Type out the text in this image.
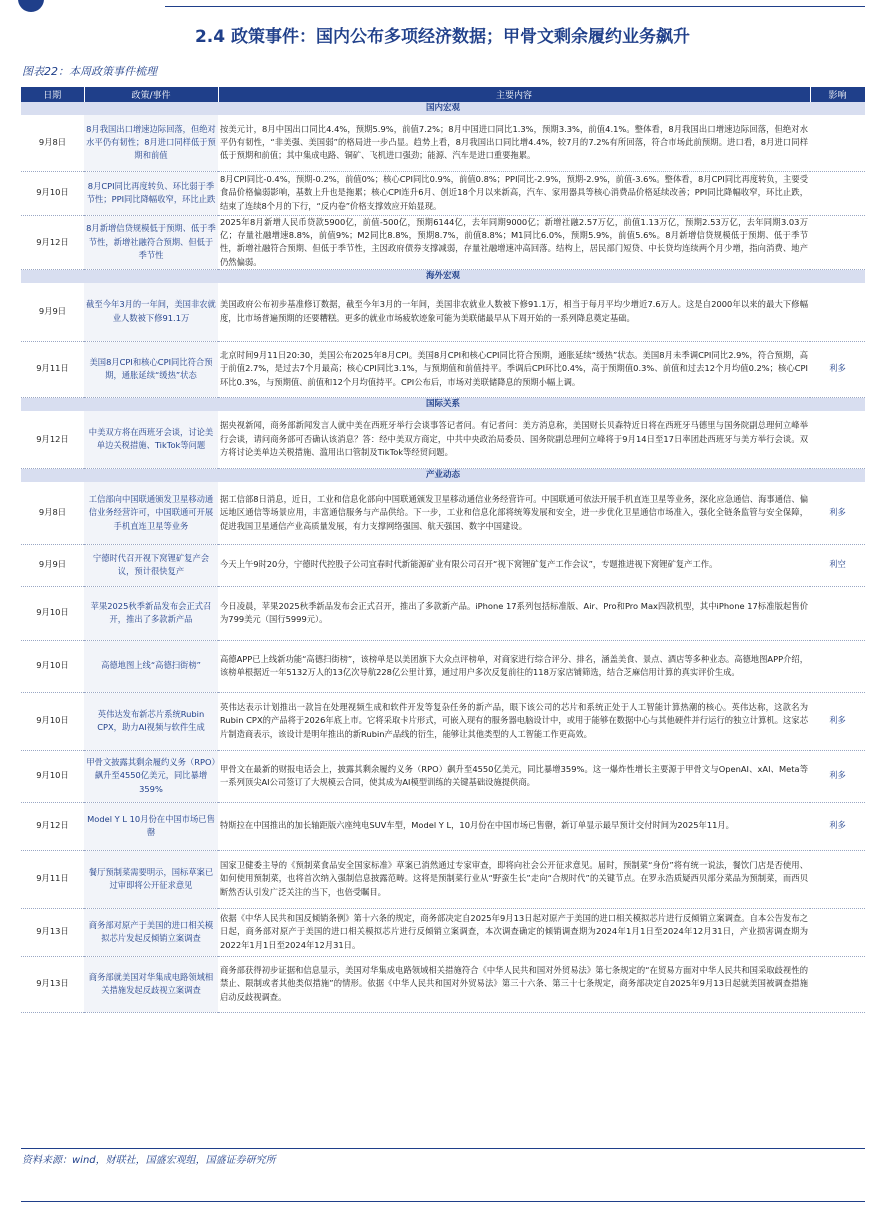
2.4 政策事件：国内公布多项经济数据；甲骨文剩余履约业务飙升
图表22：本周政策事件梳理
日期	政策/事件	主要内容	影响
国内宏观			
9月8日	8月我国出口增速边际回落，但绝对水平仍有韧性；8月进口同样低于预期和前值	按美元计，8月中国出口同比4.4%，预期5.9%，前值7.2%；8月中国进口同比1.3%，预期3.3%，前值4.1%。整体看，8月我国出口增速边际回落，但绝对水平仍有韧性，“非美强、美国弱”的格局进一步凸显。趋势上看，8月我国出口同比增4.4%，较7月的7.2%有所回落，符合市场此前预期。进口看，8月进口同样低于预期和前值；其中集成电路、铜矿、飞机进口强劲；能源、汽车是进口重要拖累。	
9月10日	8月CPI同比再度转负、环比弱于季节性；PPI同比降幅收窄，环比止跌	8月CPI同比-0.4%，预期-0.2%，前值0%；核心CPI同比0.9%，前值0.8%；PPI同比-2.9%，预期-2.9%，前值-3.6%。整体看，8月CPI同比再度转负，主要受食品价格偏弱影响，基数上升也是拖累；核心CPI连升6月、创近18个月以来新高，汽车、家用器具等核心消费品价格延续改善；PPI同比降幅收窄，环比止跌，结束了连续8个月的下行，“反内卷”价格支撑效应开始显现。	
9月12日	8月新增信贷规模低于预期、低于季节性，新增社融符合预期、但低于季节性	2025年8月新增人民币贷款5900亿，前值-500亿，预期6144亿，去年同期9000亿；新增社融2.57万亿，前值1.13万亿，预期2.53万亿，去年同期3.03万亿；存量社融增速8.8%，前值9%；M2同比8.8%，预期8.7%，前值8.8%；M1同比6.0%，预期5.9%，前值5.6%。8月新增信贷规模低于预期、低于季节性，新增社融符合预期、但低于季节性，主因政府债券支撑减弱，存量社融增速冲高回落。结构上，居民部门短贷、中长贷均连续两个月少增，指向消费、地产仍然偏弱。	
海外宏观			
9月9日	截至今年3月的一年间，美国非农就业人数被下修91.1万	美国政府公布初步基准修订数据，截至今年3月的一年间，美国非农就业人数被下修91.1万，相当于每月平均少增近7.6万人。这是自2000年以来的最大下修幅度，比市场普遍预期的还要糟糕。更多的就业市场疲软迹象可能为美联储最早从下周开始的一系列降息奠定基础。	
9月11日	美国8月CPI和核心CPI同比符合预期，通胀延续“缓热”状态	北京时间9月11日20:30，美国公布2025年8月CPI。美国8月CPI和核心CPI同比符合预期，通胀延续“缓热”状态。美国8月未季调CPI同比2.9%，符合预期，高于前值2.7%，是过去7个月最高；核心CPI同比3.1%，与预期值和前值持平。季调后CPI环比0.4%，高于预期值0.3%、前值和过去12个月均值0.2%；核心CPI环比0.3%，与预期值、前值和12个月均值持平。CPI公布后，市场对美联储降息的预期小幅上调。	利多
国际关系			
9月12日	中美双方将在西班牙会谈，讨论美单边关税措施、TikTok等问题	据央视新闻，商务部新闻发言人就中美在西班牙举行会谈事答记者问。有记者问：美方消息称，美国财长贝森特近日将在西班牙马德里与国务院副总理何立峰举行会谈，请问商务部可否确认该消息？答：经中美双方商定，中共中央政治局委员、国务院副总理何立峰将于9月14日至17日率团赴西班牙与美方举行会谈。双方将讨论美单边关税措施、滥用出口管制及TikTok等经贸问题。	
产业动态			
9月8日	工信部向中国联通颁发卫星移动通信业务经营许可，中国联通可开展手机直连卫星等业务	据工信部8日消息，近日，工业和信息化部向中国联通颁发卫星移动通信业务经营许可。中国联通可依法开展手机直连卫星等业务，深化应急通信、海事通信、偏远地区通信等场景应用，丰富通信服务与产品供给。下一步，工业和信息化部将统筹发展和安全，进一步优化卫星通信市场准入，强化全链条监管与安全保障，促进我国卫星通信产业高质量发展，有力支撑网络强国、航天强国、数字中国建设。	利多
9月9日	宁德时代召开视下窝锂矿复产会议，预计很快复产	今天上午9时20分，宁德时代控股子公司宜春时代新能源矿业有限公司召开“视下窝锂矿复产工作会议”，专题推进视下窝锂矿复产工作。	利空
9月10日	苹果2025秋季新品发布会正式召开，推出了多款新产品	今日凌晨，苹果2025秋季新品发布会正式召开，推出了多款新产品。iPhone 17系列包括标准版、Air、Pro和Pro Max四款机型，其中iPhone 17标准版起售价为799美元（国行5999元）。	
9月10日	高德地图上线“高德扫街榜”	高德APP已上线新功能“高德扫街榜”，该榜单是以美团旗下大众点评榜单，对商家进行综合评分、排名，涵盖美食、景点、酒店等多种业态。高德地图APP介绍，该榜单根据近一年5132万人的13亿次导航228亿公里计算，通过用户多次反复前往的118万家店铺筛选，结合芝麻信用计算的真实评价生成。	
9月10日	英伟达发布新芯片系统Rubin CPX，助力AI视频与软件生成	英伟达表示计划推出一款旨在处理视频生成和软件开发等复杂任务的新产品，眼下该公司的芯片和系统正处于人工智能计算热潮的核心。英伟达称，这款名为Rubin CPX的产品将于2026年底上市。它将采取卡片形式，可嵌入现有的服务器电脑设计中，或用于能够在数据中心与其他硬件并行运行的独立计算机。这家芯片制造商表示，该设计是明年推出的新Rubin产品线的衍生，能够让其他类型的人工智能工作更高效。	利多
9月10日	甲骨文披露其剩余履约义务（RPO）飙升至4550亿美元，同比暴增359%	甲骨文在最新的财报电话会上，披露其剩余履约义务（RPO）飙升至4550亿美元，同比暴增359%。这一爆炸性增长主要源于甲骨文与OpenAI、xAI、Meta等一系列顶尖AI公司签订了大规模云合同，使其成为AI模型训练的关键基础设施提供商。	利多
9月12日	Model Y L 10月份在中国市场已售罄	特斯拉在中国推出的加长轴距版六座纯电SUV车型，Model Y L，10月份在中国市场已售罄，新订单显示最早预计交付时间为2025年11月。	利多
9月11日	餐厅预制菜需要明示，国标草案已过审即将公开征求意见	国家卫健委主导的《预制菜食品安全国家标准》草案已消然通过专家审查，即将向社会公开征求意见。届时，预制菜“身份”将有统一说法，餐饮门店是否使用、如何使用预制菜，也将首次纳入强制信息披露范畴。这将是预制菜行业从“野蛮生长”走向“合规时代”的关键节点。在罗永浩质疑西贝部分菜品为预制菜，而西贝断然否认引发广泛关注的当下，也倍受瞩目。	
9月13日	商务部对原产于美国的进口相关模拟芯片发起反倾销立案调查	依据《中华人民共和国反倾销条例》第十六条的规定，商务部决定自2025年9月13日起对原产于美国的进口相关模拟芯片进行反倾销立案调查。自本公告发布之日起，商务部对原产于美国的进口相关模拟芯片进行反倾销立案调查，本次调查确定的倾销调查期为2024年1月1日至2024年12月31日，产业损害调查期为2022年1月1日至2024年12月31日。	
9月13日	商务部就美国对华集成电路领域相关措施发起反歧视立案调查	商务部获得初步证据和信息显示，美国对华集成电路领域相关措施符合《中华人民共和国对外贸易法》第七条规定的“在贸易方面对中华人民共和国采取歧视性的禁止、限制或者其他类似措施”的情形。依据《中华人民共和国对外贸易法》第三十六条、第三十七条规定，商务部决定自2025年9月13日起就美国被调查措施启动反歧视调查。	
资料来源：wind，财联社，国盛宏观组，国盛证券研究所
